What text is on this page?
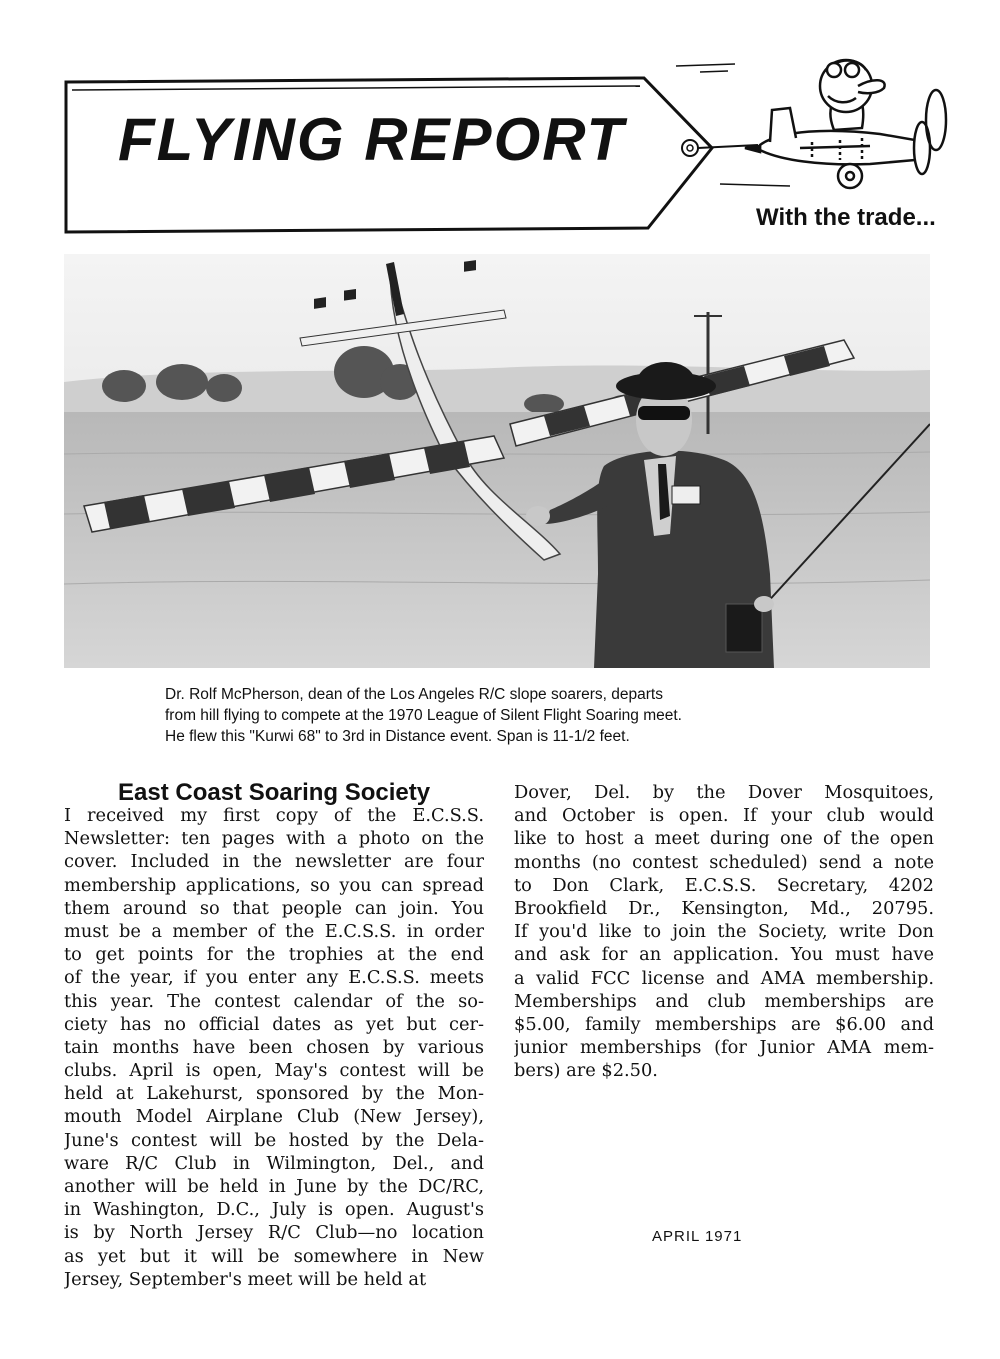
FLYING REPORT
With the trade...
Dr. Rolf McPherson, dean of the Los Angeles R/C slope soarers, departs
from hill flying to compete at the 1970 League of Silent Flight Soaring meet.
He flew this "Kurwi 68" to 3rd in Distance event. Span is 11-1/2 feet.
East Coast Soaring Society
I received my first copy of the E.C.S.S.
Newsletter: ten pages with a photo on the
cover. Included in the newsletter are four
membership applications, so you can spread
them around so that people can join. You
must be a member of the E.C.S.S. in order
to get points for the trophies at the end
of the year, if you enter any E.C.S.S. meets
this year. The contest calendar of the so-
ciety has no official dates as yet but cer-
tain months have been chosen by various
clubs. April is open, May's contest will be
held at Lakehurst, sponsored by the Mon-
mouth Model Airplane Club (New Jersey),
June's contest will be hosted by the Dela-
ware R/C Club in Wilmington, Del., and
another will be held in June by the DC/RC,
in Washington, D.C., July is open. August's
is by North Jersey R/C Club—no location
as yet but it will be somewhere in New
Jersey, September's meet will be held at
Dover, Del. by the Dover Mosquitoes,
and October is open. If your club would
like to host a meet during one of the open
months (no contest scheduled) send a note
to Don Clark, E.C.S.S. Secretary, 4202
Brookfield Dr., Kensington, Md., 20795.
If you'd like to join the Society, write Don
and ask for an application. You must have
a valid FCC license and AMA membership.
Memberships and club memberships are
$5.00, family memberships are $6.00 and
junior memberships (for Junior AMA mem-
bers) are $2.50.
APRIL 1971
